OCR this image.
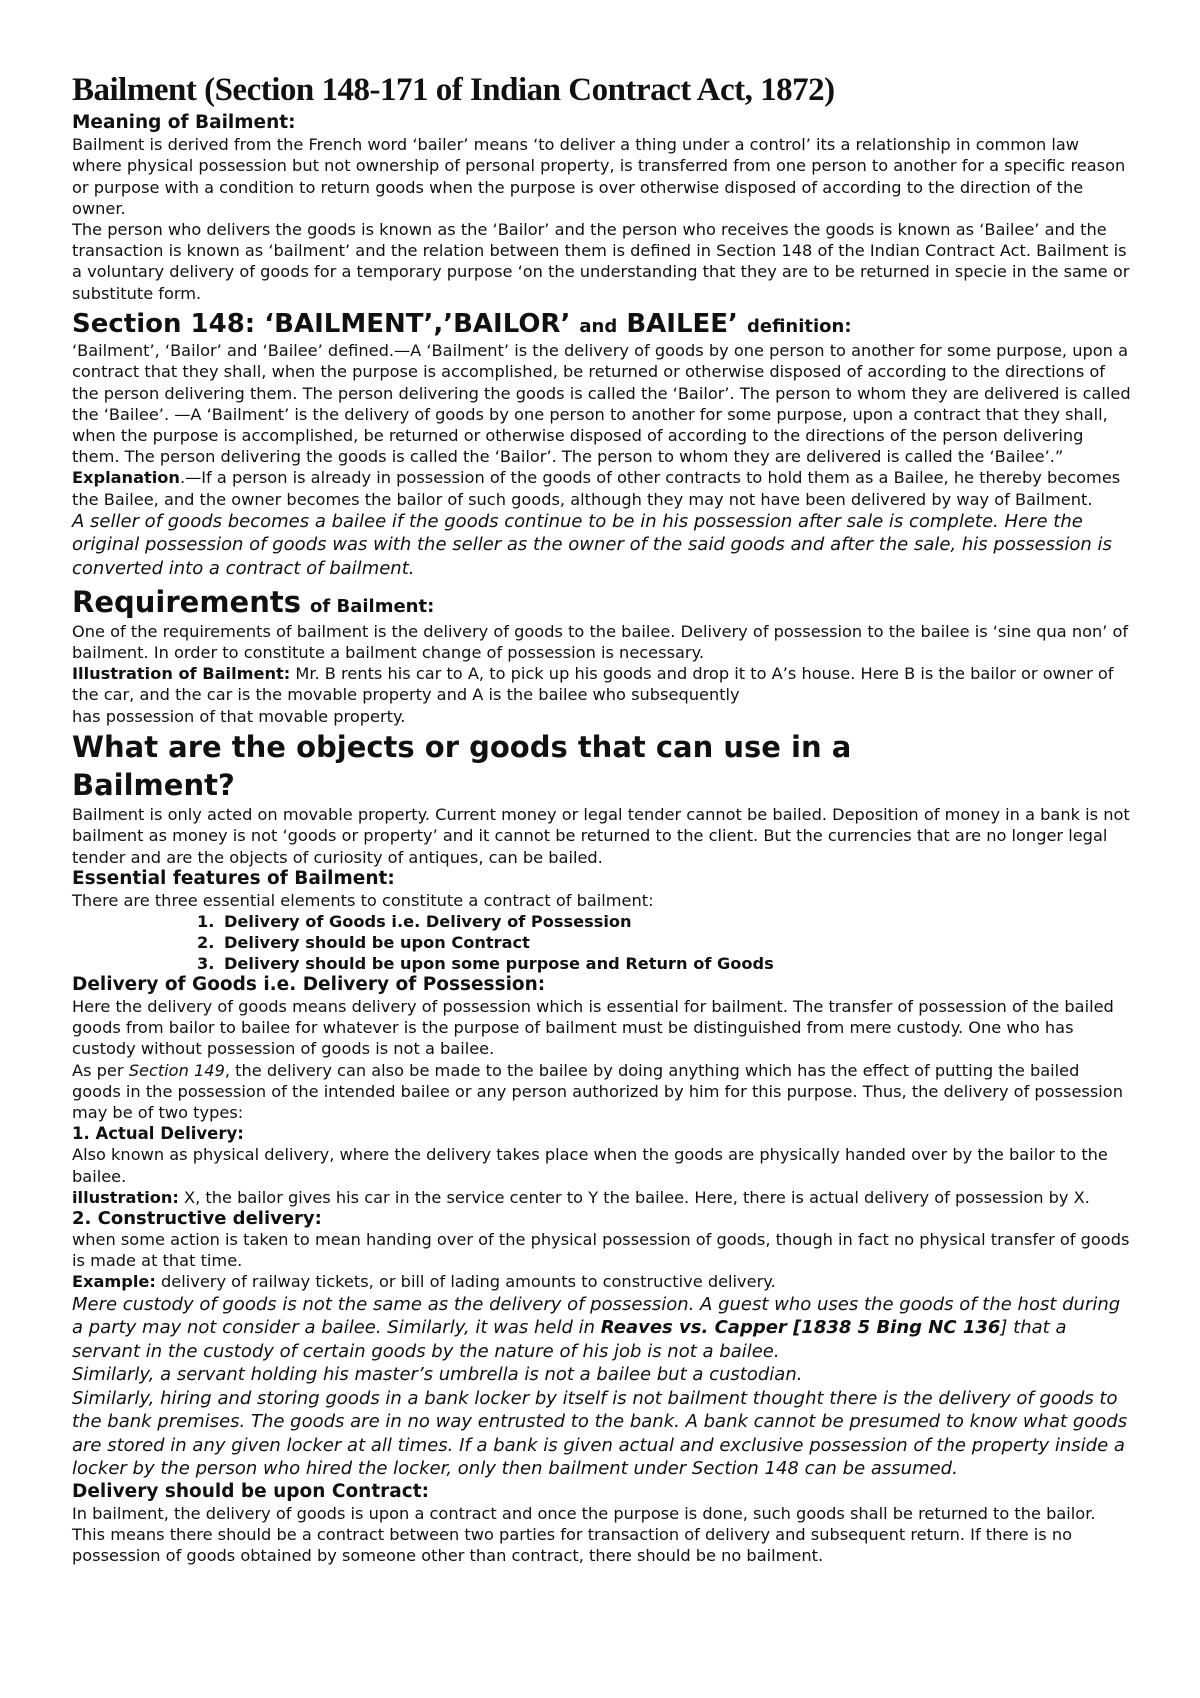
Bailment (Section 148-171 of Indian Contract Act, 1872)
Meaning of Bailment:

Bailment is derived from the French word ‘bailer’ means ‘to deliver a thing under a control’ its a relationship in common law where physical possession but not ownership of personal property, is transferred from one person to another for a specific reason or purpose with a condition to return goods when the purpose is over otherwise disposed of according to the direction of the owner.

The person who delivers the goods is known as the ‘Bailor’ and the person who receives the goods is known as ‘Bailee’ and the transaction is known as ‘bailment’ and the relation between them is defined in Section 148 of the Indian Contract Act. Bailment is a voluntary delivery of goods for a temporary purpose ‘on the understanding that they are to be returned in specie in the same or substitute form.

Section 148: ‘BAILMENT’,’BAILOR’ and BAILEE’ definition:

‘Bailment’, ‘Bailor’ and ‘Bailee’ defined.—A ‘Bailment’ is the delivery of goods by one person to another for some purpose, upon a contract that they shall, when the purpose is accomplished, be returned or otherwise disposed of according to the directions of the person delivering them. The person delivering the goods is called the ‘Bailor’. The person to whom they are delivered is called the ‘Bailee’. —A ‘Bailment’ is the delivery of goods by one person to another for some purpose, upon a contract that they shall, when the purpose is accomplished, be returned or otherwise disposed of according to the directions of the person delivering them. The person delivering the goods is called the ‘Bailor’. The person to whom they are delivered is called the ‘Bailee’.”

Explanation.—If a person is already in possession of the goods of other contracts to hold them as a Bailee, he thereby becomes the Bailee, and the owner becomes the bailor of such goods, although they may not have been delivered by way of Bailment.

A seller of goods becomes a bailee if the goods continue to be in his possession after sale is complete. Here the original possession of goods was with the seller as the owner of the said goods and after the sale, his possession is converted into a contract of bailment.

Requirements of Bailment:

One of the requirements of bailment is the delivery of goods to the bailee. Delivery of possession to the bailee is ‘sine qua non’ of bailment. In order to constitute a bailment change of possession is necessary.

Illustration of Bailment: Mr. B rents his car to A, to pick up his goods and drop it to A’s house. Here B is the bailor or owner of the car, and the car is the movable property and A is the bailee who subsequently

has possession of that movable property.

What are the objects or goods that can use in a Bailment?

Bailment is only acted on movable property. Current money or legal tender cannot be bailed. Deposition of money in a bank is not bailment as money is not ‘goods or property’ and it cannot be returned to the client. But the currencies that are no longer legal tender and are the objects of curiosity of antiques, can be bailed.

Essential features of Bailment:

There are three essential elements to constitute a contract of bailment:

1. Delivery of Goods i.e. Delivery of Possession
2. Delivery should be upon Contract
3. Delivery should be upon some purpose and Return of Goods
Delivery of Goods i.e. Delivery of Possession:

Here the delivery of goods means delivery of possession which is essential for bailment. The transfer of possession of the bailed goods from bailor to bailee for whatever is the purpose of bailment must be distinguished from mere custody. One who has custody without possession of goods is not a bailee.

As per Section 149, the delivery can also be made to the bailee by doing anything which has the effect of putting the bailed goods in the possession of the intended bailee or any person authorized by him for this purpose. Thus, the delivery of possession may be of two types:

1. Actual Delivery:

Also known as physical delivery, where the delivery takes place when the goods are physically handed over by the bailor to the bailee.

illustration: X, the bailor gives his car in the service center to Y the bailee. Here, there is actual delivery of possession by X.

2. Constructive delivery:

when some action is taken to mean handing over of the physical possession of goods, though in fact no physical transfer of goods is made at that time.

Example: delivery of railway tickets, or bill of lading amounts to constructive delivery.

Mere custody of goods is not the same as the delivery of possession. A guest who uses the goods of the host during a party may not consider a bailee. Similarly, it was held in Reaves vs. Capper [1838 5 Bing NC 136] that a servant in the custody of certain goods by the nature of his job is not a bailee.

Similarly, a servant holding his master’s umbrella is not a bailee but a custodian.

Similarly, hiring and storing goods in a bank locker by itself is not bailment thought there is the delivery of goods to the bank premises. The goods are in no way entrusted to the bank. A bank cannot be presumed to know what goods are stored in any given locker at all times. If a bank is given actual and exclusive possession of the property inside a locker by the person who hired the locker, only then bailment under Section 148 can be assumed.

Delivery should be upon Contract:

In bailment, the delivery of goods is upon a contract and once the purpose is done, such goods shall be returned to the bailor. This means there should be a contract between two parties for transaction of delivery and subsequent return. If there is no possession of goods obtained by someone other than contract, there should be no bailment.
